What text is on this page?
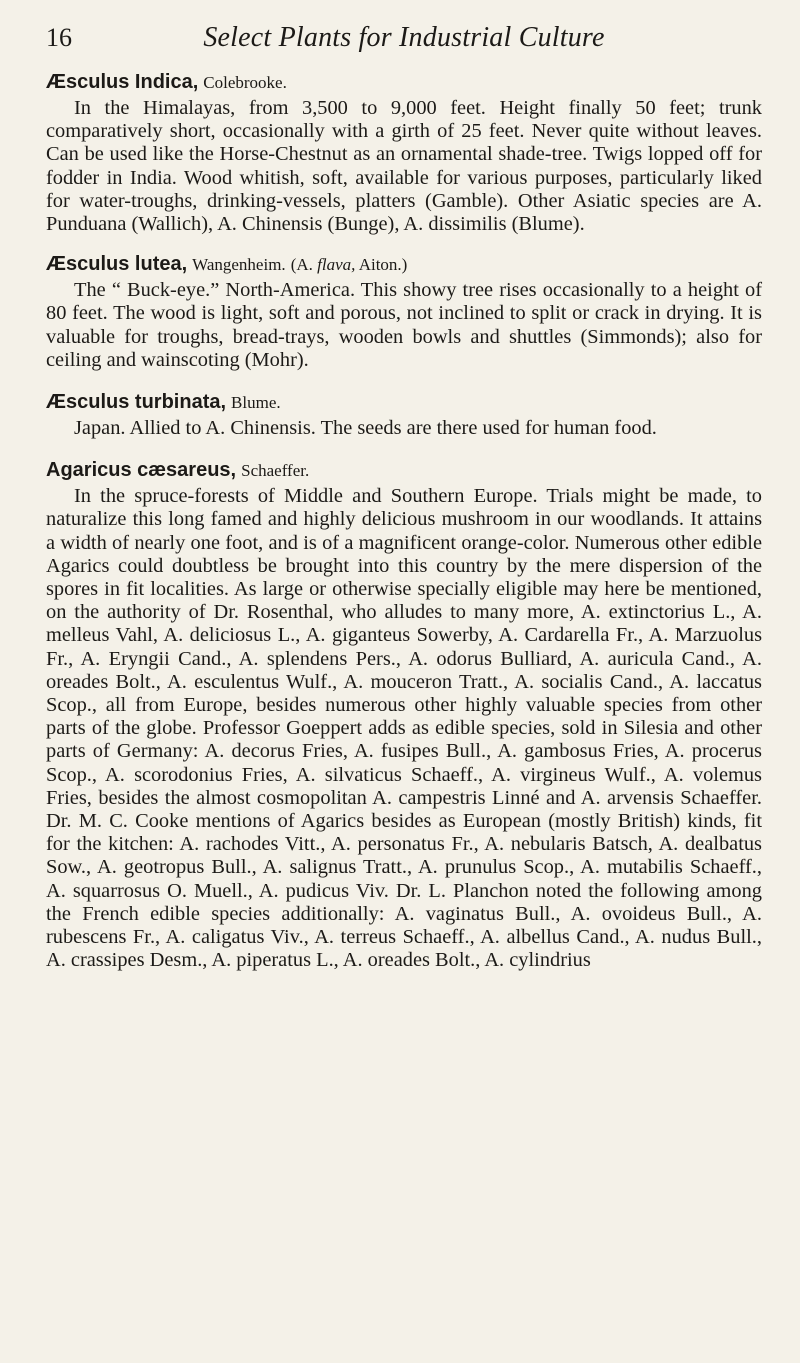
16	Select Plants for Industrial Culture
Æsculus Indica, Colebrooke.

In the Himalayas, from 3,500 to 9,000 feet. Height finally 50 feet; trunk comparatively short, occasionally with a girth of 25 feet. Never quite without leaves. Can be used like the Horse-Chestnut as an ornamental shade-tree. Twigs lopped off for fodder in India. Wood whitish, soft, available for various purposes, particularly liked for water-troughs, drinking-vessels, platters (Gamble). Other Asiatic species are A. Punduana (Wallich), A. Chinensis (Bunge), A. dissimilis (Blume).

Æsculus lutea, Wangenheim. (A. flava, Aiton.)

The “ Buck-eye.” North-America. This showy tree rises occasionally to a height of 80 feet. The wood is light, soft and porous, not inclined to split or crack in drying. It is valuable for troughs, bread-trays, wooden bowls and shuttles (Simmonds); also for ceiling and wainscoting (Mohr).

Æsculus turbinata, Blume.

Japan. Allied to A. Chinensis. The seeds are there used for human food.

Agaricus cæsareus, Schaeffer.

In the spruce-forests of Middle and Southern Europe. Trials might be made, to naturalize this long famed and highly delicious mushroom in our woodlands. It attains a width of nearly one foot, and is of a magnificent orange-color. Numerous other edible Agarics could doubtless be brought into this country by the mere dispersion of the spores in fit localities. As large or otherwise specially eligible may here be mentioned, on the authority of Dr. Rosenthal, who alludes to many more, A. extinctorius L., A. melleus Vahl, A. deliciosus L., A. giganteus Sowerby, A. Cardarella Fr., A. Marzuolus Fr., A. Eryngii Cand., A. splendens Pers., A. odorus Bulliard, A. auricula Cand., A. oreades Bolt., A. esculentus Wulf., A. mouceron Tratt., A. socialis Cand., A. laccatus Scop., all from Europe, besides numerous other highly valuable species from other parts of the globe. Professor Goeppert adds as edible species, sold in Silesia and other parts of Germany: A. decorus Fries, A. fusipes Bull., A. gambosus Fries, A. procerus Scop., A. scorodonius Fries, A. silvaticus Schaeff., A. virgineus Wulf., A. volemus Fries, besides the almost cosmopolitan A. campestris Linné and A. arvensis Schaeffer. Dr. M. C. Cooke mentions of Agarics besides as European (mostly British) kinds, fit for the kitchen: A. rachodes Vitt., A. personatus Fr., A. nebularis Batsch, A. dealbatus Sow., A. geotropus Bull., A. salignus Tratt., A. prunulus Scop., A. mutabilis Schaeff., A. squarrosus O. Muell., A. pudicus Viv. Dr. L. Planchon noted the following among the French edible species additionally: A. vaginatus Bull., A. ovoideus Bull., A. rubescens Fr., A. caligatus Viv., A. terreus Schaeff., A. albellus Cand., A. nudus Bull., A. crassipes Desm., A. piperatus L., A. oreades Bolt., A. cylindrius
